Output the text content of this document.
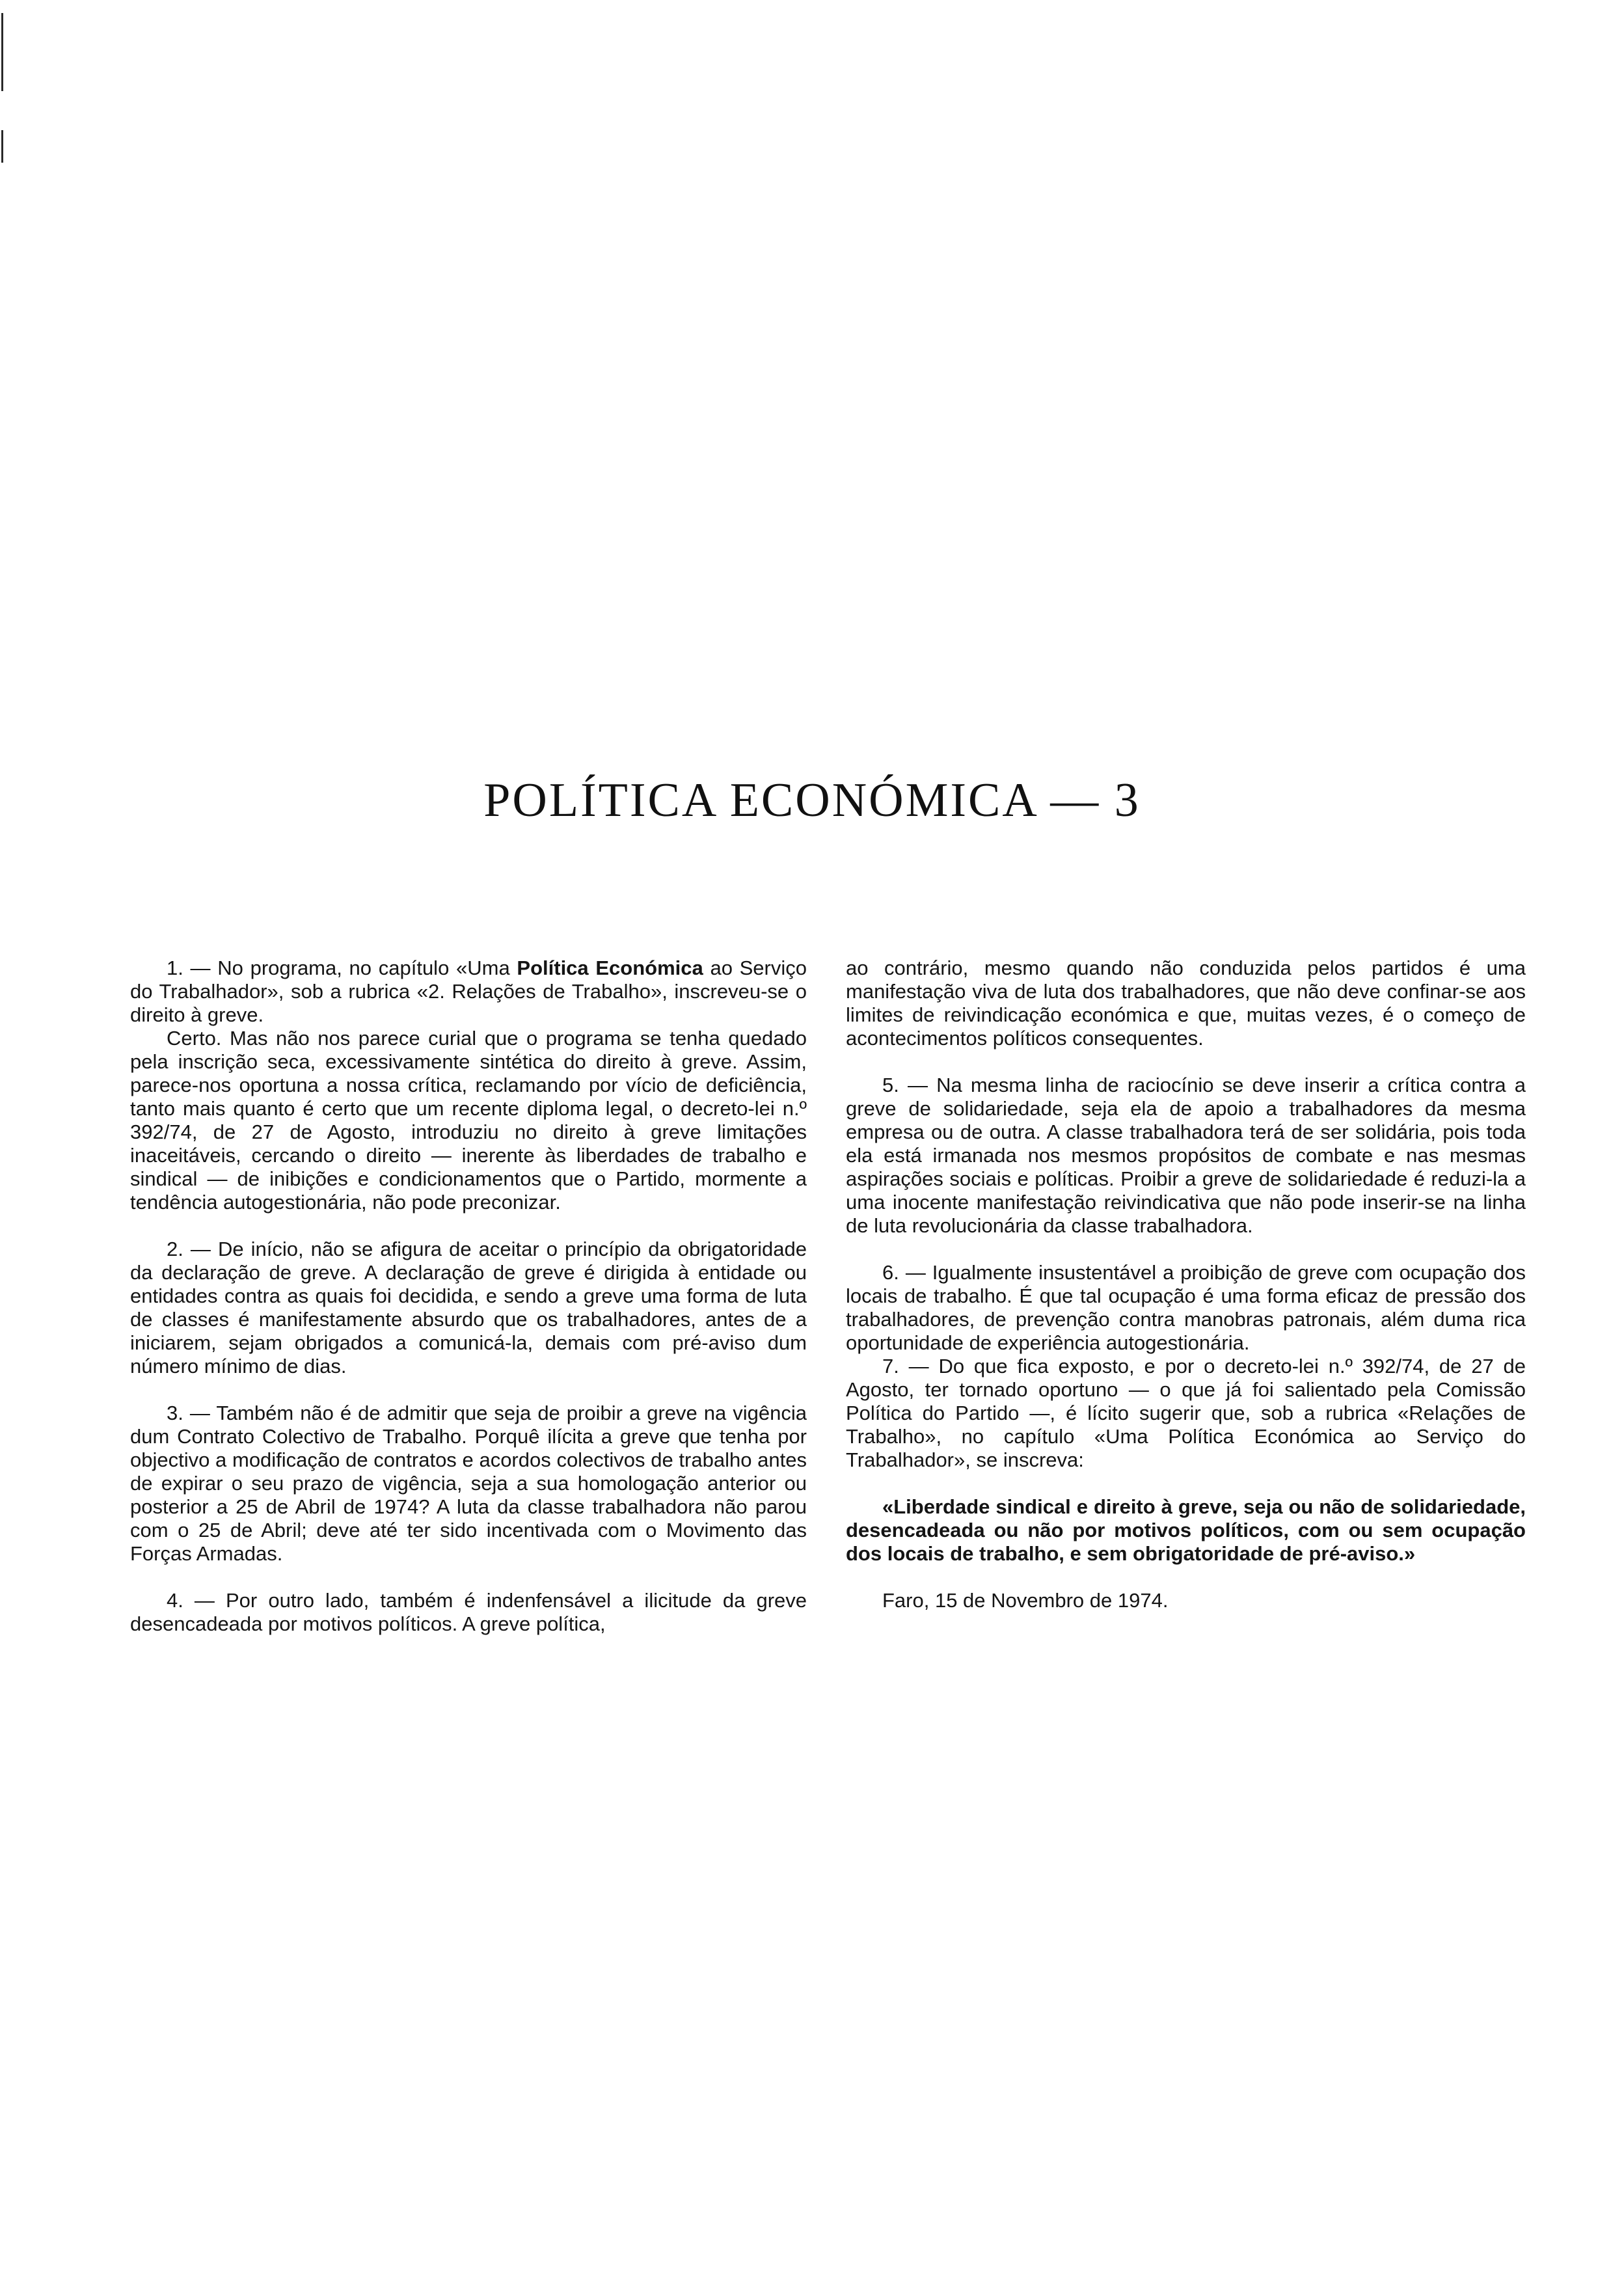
POLÍTICA ECONÓMICA — 3

1. — No programa, no capítulo «Uma Política Económica ao Serviço do Trabalhador», sob a rubrica «2. Relações de Trabalho», inscreveu-se o direito à greve.

Certo. Mas não nos parece curial que o programa se tenha quedado pela inscrição seca, excessivamente sintética do direito à greve. Assim, parece-nos oportuna a nossa crítica, reclamando por vício de deficiência, tanto mais quanto é certo que um recente diploma legal, o decreto-lei n.º 392/74, de 27 de Agosto, introduziu no direito à greve limitações inaceitáveis, cercando o direito — inerente às liberdades de trabalho e sindical — de inibições e condicionamentos que o Partido, mormente a tendência autogestionária, não pode preconizar.

2. — De início, não se afigura de aceitar o princípio da obrigatoridade da declaração de greve. A declaração de greve é dirigida à entidade ou entidades contra as quais foi decidida, e sendo a greve uma forma de luta de classes é manifestamente absurdo que os trabalhadores, antes de a iniciarem, sejam obrigados a comunicá-la, demais com pré-aviso dum número mínimo de dias.

3. — Também não é de admitir que seja de proibir a greve na vigência dum Contrato Colectivo de Trabalho. Porquê ilícita a greve que tenha por objectivo a modificação de contratos e acordos colectivos de trabalho antes de expirar o seu prazo de vigência, seja a sua homologação anterior ou posterior a 25 de Abril de 1974? A luta da classe trabalhadora não parou com o 25 de Abril; deve até ter sido incentivada com o Movimento das Forças Armadas.

4. — Por outro lado, também é indenfensável a ilicitude da greve desencadeada por motivos políticos. A greve política,

ao contrário, mesmo quando não conduzida pelos partidos é uma manifestação viva de luta dos trabalhadores, que não deve confinar-se aos limites de reivindicação económica e que, muitas vezes, é o começo de acontecimentos políticos consequentes.

5. — Na mesma linha de raciocínio se deve inserir a crítica contra a greve de solidariedade, seja ela de apoio a trabalhadores da mesma empresa ou de outra. A classe trabalhadora terá de ser solidária, pois toda ela está irmanada nos mesmos propósitos de combate e nas mesmas aspirações sociais e políticas. Proibir a greve de solidariedade é reduzi-la a uma inocente manifestação reivindicativa que não pode inserir-se na linha de luta revolucionária da classe trabalhadora.

6. — Igualmente insustentável a proibição de greve com ocupação dos locais de trabalho. É que tal ocupação é uma forma eficaz de pressão dos trabalhadores, de prevenção contra manobras patronais, além duma rica oportunidade de experiência autogestionária.

7. — Do que fica exposto, e por o decreto-lei n.º 392/74, de 27 de Agosto, ter tornado oportuno — o que já foi salientado pela Comissão Política do Partido —, é lícito sugerir que, sob a rubrica «Relações de Trabalho», no capítulo «Uma Política Económica ao Serviço do Trabalhador», se inscreva:

«Liberdade sindical e direito à greve, seja ou não de solidariedade, desencadeada ou não por motivos políticos, com ou sem ocupação dos locais de trabalho, e sem obrigatoridade de pré-aviso.»

Faro, 15 de Novembro de 1974.
